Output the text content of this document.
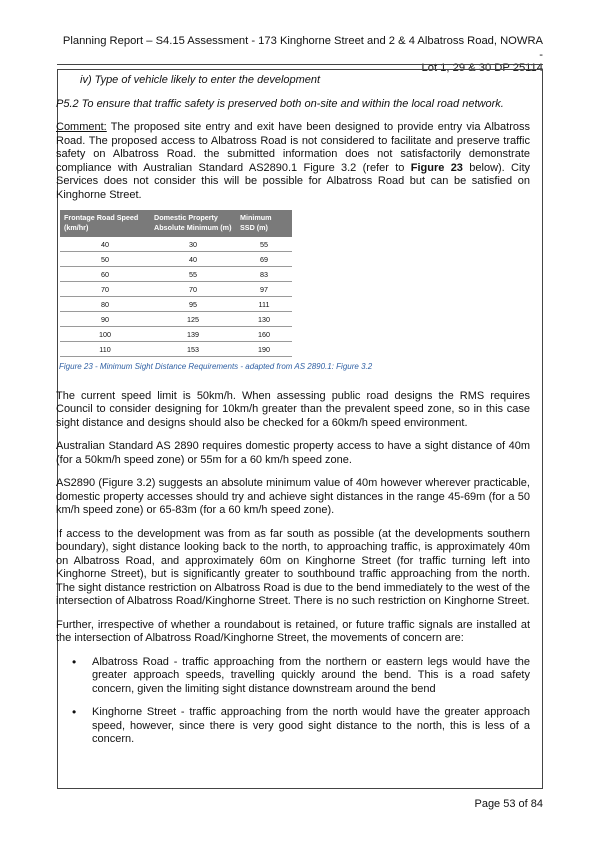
Planning Report – S4.15 Assessment - 173 Kinghorne Street and 2 & 4 Albatross Road, NOWRA -
Lot 1, 29 & 30 DP 25114

iv) Type of vehicle likely to enter the development

P5.2 To ensure that traffic safety is preserved both on-site and within the local road network.

Comment: The proposed site entry and exit have been designed to provide entry via Albatross Road. The proposed access to Albatross Road is not considered to facilitate and preserve traffic safety on Albatross Road. the submitted information does not satisfactorily demonstrate compliance with Australian Standard AS2890.1 Figure 3.2 (refer to Figure 23 below). City Services does not consider this will be possible for Albatross Road but can be satisfied on Kinghorne Street.

Frontage Road Speed (km/hr)	Domestic Property Absolute Minimum (m)	Minimum SSD (m)
40	30	55
50	40	69
60	55	83
70	70	97
80	95	111
90	125	130
100	139	160
110	153	190
Figure 23 - Minimum Sight Distance Requirements - adapted from AS 2890.1: Figure 3.2

The current speed limit is 50km/h. When assessing public road designs the RMS requires Council to consider designing for 10km/h greater than the prevalent speed zone, so in this case sight distance and designs should also be checked for a 60km/h speed environment.

Australian Standard AS 2890 requires domestic property access to have a sight distance of 40m (for a 50km/h speed zone) or 55m for a 60 km/h speed zone.

AS2890 (Figure 3.2) suggests an absolute minimum value of 40m however wherever practicable, domestic property accesses should try and achieve sight distances in the range 45-69m (for a 50 km/h speed zone) or 65-83m (for a 60 km/h speed zone).

If access to the development was from as far south as possible (at the developments southern boundary), sight distance looking back to the north, to approaching traffic, is approximately 40m on Albatross Road, and approximately 60m on Kinghorne Street (for traffic turning left into Kinghorne Street), but is significantly greater to southbound traffic approaching from the north. The sight distance restriction on Albatross Road is due to the bend immediately to the west of the intersection of Albatross Road/Kinghorne Street. There is no such restriction on Kinghorne Street.

Further, irrespective of whether a roundabout is retained, or future traffic signals are installed at the intersection of Albatross Road/Kinghorne Street, the movements of concern are:

• Albatross Road - traffic approaching from the northern or eastern legs would have the greater approach speeds, travelling quickly around the bend. This is a road safety concern, given the limiting sight distance downstream around the bend
• Kinghorne Street - traffic approaching from the north would have the greater approach speed, however, since there is very good sight distance to the north, this is less of a concern.
Page 53 of 84
